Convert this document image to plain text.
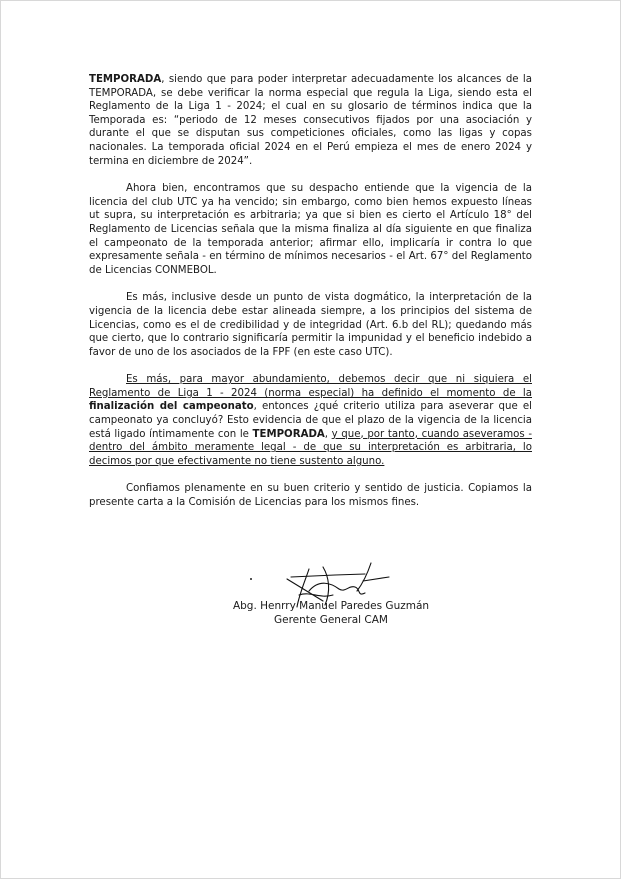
TEMPORADA, siendo que para poder interpretar adecuadamente los alcances de la TEMPORADA, se debe verificar la norma especial que regula la Liga, siendo esta el Reglamento de la Liga 1 - 2024; el cual en su glosario de términos indica que la Temporada es: “periodo de 12 meses consecutivos fijados por una asociación y durante el que se disputan sus competiciones oficiales, como las ligas y copas nacionales. La temporada oficial 2024 en el Perú empieza el mes de enero 2024 y termina en diciembre de 2024”.

Ahora bien, encontramos que su despacho entiende que la vigencia de la licencia del club UTC ya ha vencido; sin embargo, como bien hemos expuesto líneas ut supra, su interpretación es arbitraria; ya que si bien es cierto el Artículo 18° del Reglamento de Licencias señala que la misma finaliza al día siguiente en que finaliza el campeonato de la temporada anterior; afirmar ello, implicaría ir contra lo que expresamente señala - en término de mínimos necesarios - el Art. 67° del Reglamento de Licencias CONMEBOL.

Es más, inclusive desde un punto de vista dogmático, la interpretación de la vigencia de la licencia debe estar alineada siempre, a los principios del sistema de Licencias, como es el de credibilidad y de integridad (Art. 6.b del RL); quedando más que cierto, que lo contrario significaría permitir la impunidad y el beneficio indebido a favor de uno de los asociados de la FPF (en este caso UTC).

Es más, para mayor abundamiento, debemos decir que ni siquiera el Reglamento de Liga 1 - 2024 (norma especial) ha definido el momento de la finalización del campeonato, entonces ¿qué criterio utiliza para aseverar que el campeonato ya concluyó? Esto evidencia de que el plazo de la vigencia de la licencia está ligado íntimamente con le TEMPORADA, y que, por tanto, cuando aseveramos - dentro del ámbito meramente legal - de que su interpretación es arbitraria, lo decimos por que efectivamente no tiene sustento alguno.

Confiamos plenamente en su buen criterio y sentido de justicia. Copiamos la presente carta a la Comisión de Licencias para los mismos fines.

Abg. Henrry Manuel Paredes Guzmán
Gerente General CAM
